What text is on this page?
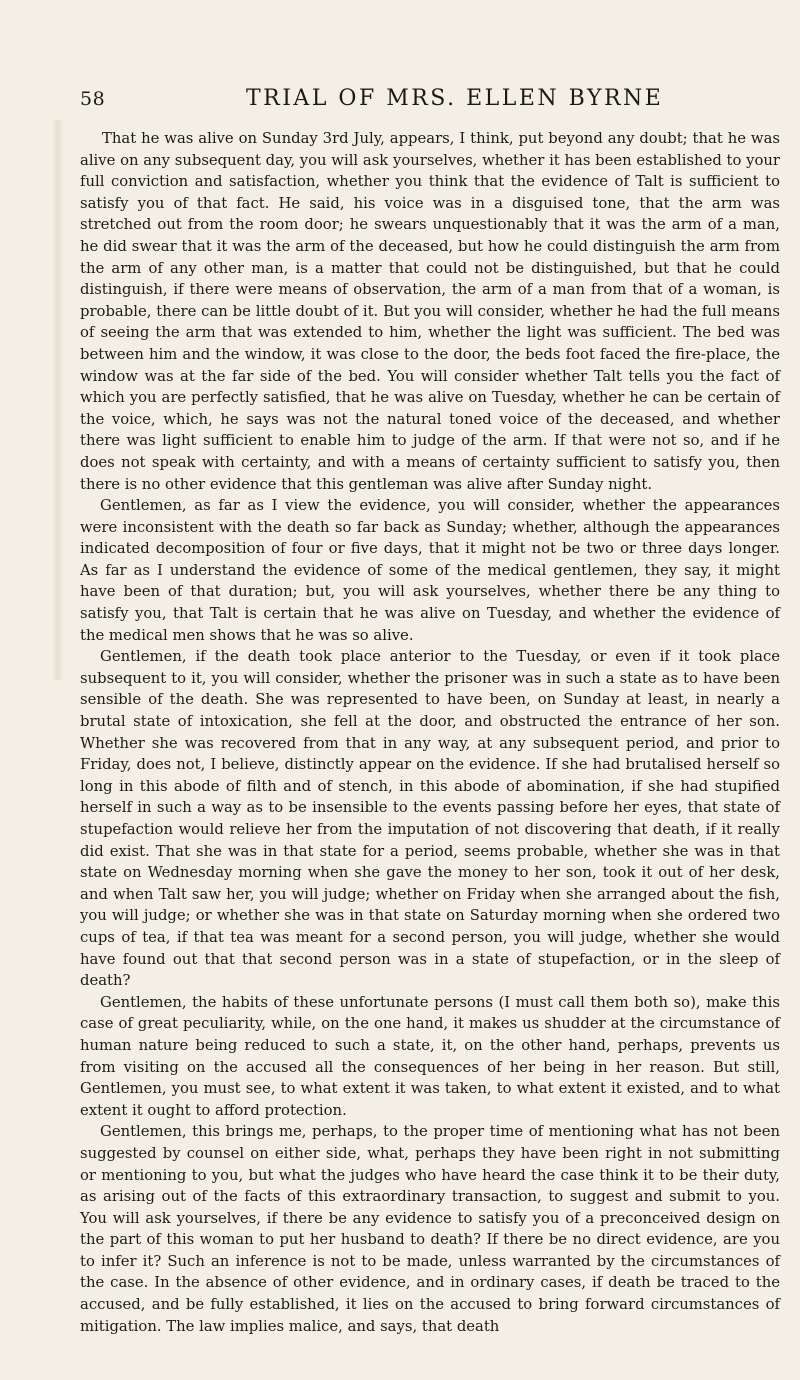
58	TRIAL OF MRS. ELLEN BYRNE

That he was alive on Sunday 3rd July, appears, I think, put beyond any doubt; that he was alive on any subsequent day, you will ask yourselves, whether it has been established to your full conviction and satisfaction, whether you think that the evidence of Talt is sufficient to satisfy you of that fact. He said, his voice was in a disguised tone, that the arm was stretched out from the room door; he swears unquestionably that it was the arm of a man, he did swear that it was the arm of the deceased, but how he could distinguish the arm from the arm of any other man, is a matter that could not be distinguished, but that he could distinguish, if there were means of observation, the arm of a man from that of a woman, is probable, there can be little doubt of it. But you will consider, whether he had the full means of seeing the arm that was extended to him, whether the light was sufficient. The bed was between him and the window, it was close to the door, the beds foot faced the fire-place, the window was at the far side of the bed. You will consider whether Talt tells you the fact of which you are perfectly satisfied, that he was alive on Tuesday, whether he can be certain of the voice, which, he says was not the natural toned voice of the deceased, and whether there was light sufficient to enable him to judge of the arm. If that were not so, and if he does not speak with certainty, and with a means of certainty sufficient to satisfy you, then there is no other evidence that this gentleman was alive after Sunday night.

Gentlemen, as far as I view the evidence, you will consider, whether the appearances were inconsistent with the death so far back as Sunday; whether, although the appearances indicated decomposition of four or five days, that it might not be two or three days longer. As far as I understand the evidence of some of the medical gentlemen, they say, it might have been of that duration; but, you will ask yourselves, whether there be any thing to satisfy you, that Talt is certain that he was alive on Tuesday, and whether the evidence of the medical men shows that he was so alive.

Gentlemen, if the death took place anterior to the Tuesday, or even if it took place subsequent to it, you will consider, whether the prisoner was in such a state as to have been sensible of the death. She was represented to have been, on Sunday at least, in nearly a brutal state of intoxication, she fell at the door, and obstructed the entrance of her son. Whether she was recovered from that in any way, at any subsequent period, and prior to Friday, does not, I believe, distinctly appear on the evidence. If she had brutalised herself so long in this abode of filth and of stench, in this abode of abomination, if she had stupified herself in such a way as to be insensible to the events passing before her eyes, that state of stupefaction would relieve her from the imputation of not discovering that death, if it really did exist. That she was in that state for a period, seems probable, whether she was in that state on Wednesday morning when she gave the money to her son, took it out of her desk, and when Talt saw her, you will judge; whether on Friday when she arranged about the fish, you will judge; or whether she was in that state on Saturday morning when she ordered two cups of tea, if that tea was meant for a second person, you will judge, whether she would have found out that that second person was in a state of stupefaction, or in the sleep of death?

Gentlemen, the habits of these unfortunate persons (I must call them both so), make this case of great peculiarity, while, on the one hand, it makes us shudder at the circumstance of human nature being reduced to such a state, it, on the other hand, perhaps, prevents us from visiting on the accused all the consequences of her being in her reason. But still, Gentlemen, you must see, to what extent it was taken, to what extent it existed, and to what extent it ought to afford protection.

Gentlemen, this brings me, perhaps, to the proper time of mentioning what has not been suggested by counsel on either side, what, perhaps they have been right in not submitting or mentioning to you, but what the judges who have heard the case think it to be their duty, as arising out of the facts of this extraordinary transaction, to suggest and submit to you. You will ask yourselves, if there be any evidence to satisfy you of a preconceived design on the part of this woman to put her husband to death? If there be no direct evidence, are you to infer it? Such an inference is not to be made, unless warranted by the circumstances of the case. In the absence of other evidence, and in ordinary cases, if death be traced to the accused, and be fully established, it lies on the accused to bring forward circumstances of mitigation. The law implies malice, and says, that death
